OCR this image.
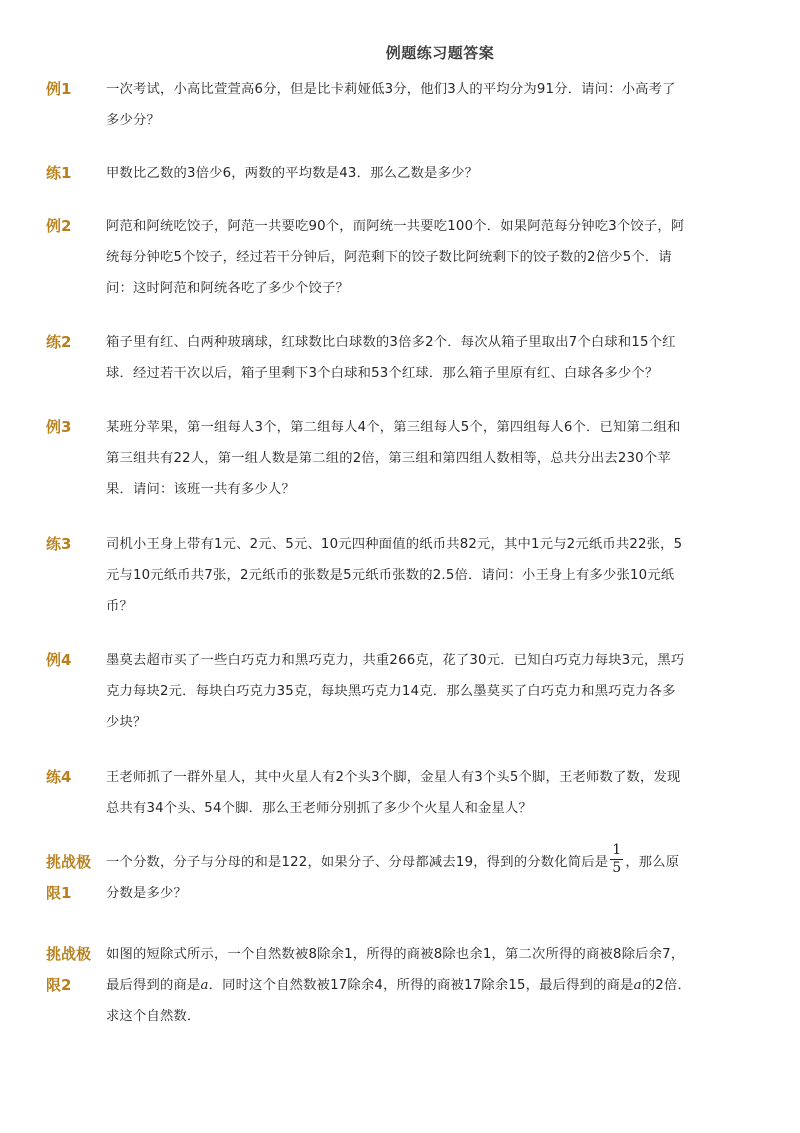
例题练习题答案
例1	一次考试，小高比萱萱高6分，但是比卡莉娅低3分，他们3人的平均分为91分．请问：小高考了
多少分？
练1	甲数比乙数的3倍少6，两数的平均数是43．那么乙数是多少？
例2	阿范和阿统吃饺子，阿范一共要吃90个，而阿统一共要吃100个．如果阿范每分钟吃3个饺子，阿
统每分钟吃5个饺子，经过若干分钟后，阿范剩下的饺子数比阿统剩下的饺子数的2倍少5个．请
问：这时阿范和阿统各吃了多少个饺子？
练2	箱子里有红、白两种玻璃球，红球数比白球数的3倍多2个．每次从箱子里取出7个白球和15个红
球．经过若干次以后，箱子里剩下3个白球和53个红球．那么箱子里原有红、白球各多少个？
例3	某班分苹果，第一组每人3个，第二组每人4个，第三组每人5个，第四组每人6个．已知第二组和
第三组共有22人，第一组人数是第二组的2倍，第三组和第四组人数相等，总共分出去230个苹
果．请问：该班一共有多少人？
练3	司机小王身上带有1元、2元、5元、10元四种面值的纸币共82元，其中1元与2元纸币共22张，5
元与10元纸币共7张，2元纸币的张数是5元纸币张数的2.5倍．请问：小王身上有多少张10元纸
币？
例4	墨莫去超市买了一些白巧克力和黑巧克力，共重266克，花了30元．已知白巧克力每块3元，黑巧
克力每块2元．每块白巧克力35克，每块黑巧克力14克．那么墨莫买了白巧克力和黑巧克力各多
少块？
练4	王老师抓了一群外星人，其中火星人有2个头3个脚，金星人有3个头5个脚，王老师数了数，发现
总共有34个头、54个脚．那么王老师分别抓了多少个火星人和金星人？
挑战极
限1
一个分数，分子与分母的和是122，如果分子、分母都减去19，得到的分数化简后是 $\frac{1}{5}$ ，那么原
分数是多少？
挑战极
限2
如图的短除式所示，一个自然数被8除余1，所得的商被8除也余1，第二次所得的商被8除后余7，
最后得到的商是a．同时这个自然数被17除余4，所得的商被17除余15，最后得到的商是a的2倍．
求这个自然数．
